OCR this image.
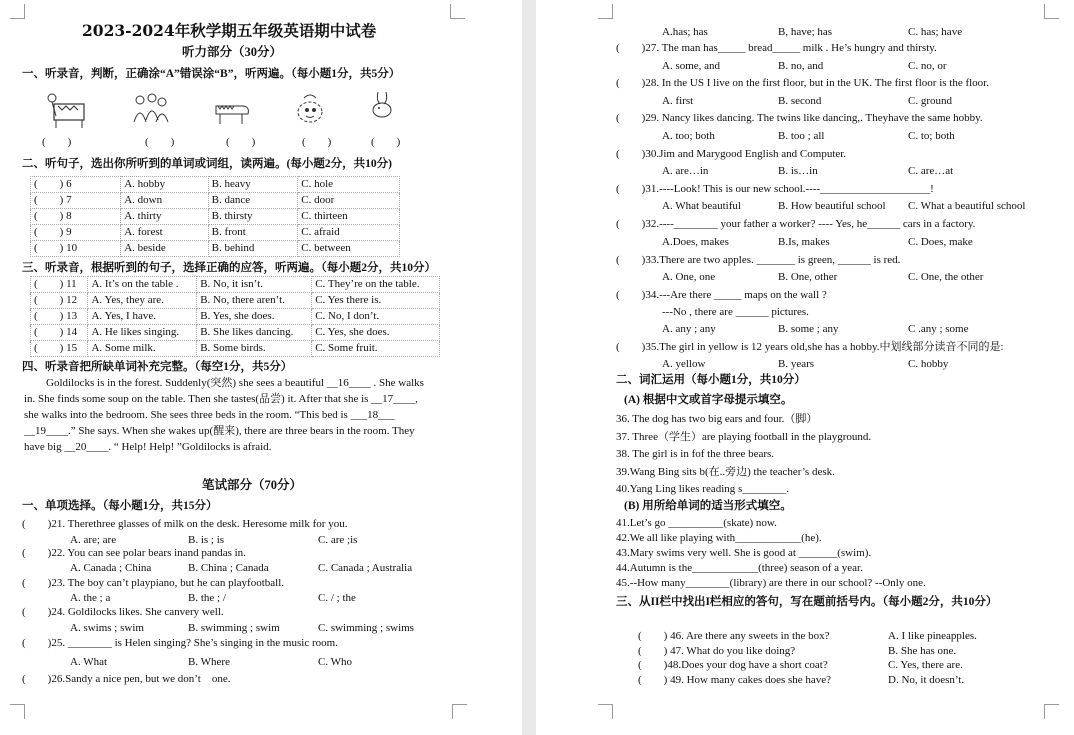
2023-2024年秋学期五年级英语期中试卷
听力部分（30分）
一、听录音，判断，正确涂“A”错误涂“B”，听两遍。（每小题1分，共5分）
(　　)	(　　)	(　　)	(　　)	(　　)
二、听句子，选出你所听到的单词或词组，读两遍。(每小题2分，共10分)
(　　) 6	A. hobby	B. heavy	C. hole
(　　) 7	A. down	B. dance	C. door
(　　) 8	A. thirty	B. thirsty	C. thirteen
(　　) 9	A. forest	B. front	C. afraid
(　　) 10	A. beside	B. behind	C. between
三、听录音，根据听到的句子，选择正确的应答，听两遍。（每小题2分，共10分）
(　　) 11	A. It’s on the table .	B. No, it isn’t.	C. They’re on the table.
(　　) 12	A. Yes, they are.	B. No, there aren’t.	C. Yes there is.
(　　) 13	A. Yes, I have.	B. Yes, she does.	C. No, I don’t.
(　　) 14	A. He likes singing.	B. She likes dancing.	C. Yes, she does.
(　　) 15	A. Some milk.	B. Some birds.	C. Some fruit.
四、听录音把所缺单词补充完整。（每空1分，共5分）
Goldilocks is in the forest. Suddenly(突然) she sees a beautiful __16____ . She walks
in. She finds some soup on the table. Then she tastes(品尝) it. After that she is __17____,
she walks into the bedroom. She sees three beds in the room. “This bed is ___18___
__19____.” She says. When she wakes up(醒来), there are three bears in the room. They
have big __20____. “ Help! Help! ”Goldilocks is afraid.
笔试部分（70分）
一、单项选择。（每小题1分，共15分）
(　　)21. Therethree glasses of milk on the desk. Heresome milk for you.
A. are; are	B. is ; is	C. are ;is
(　　)22. You can see polar bears inand pandas in.
A. Canada ; China	B. China ; Canada	C. Canada ; Australia
(　　)23. The boy can’t playpiano, but he can playfootball.
A. the ; a	B. the ; /	C. / ; the
(　　)24. Goldilocks likes. She canvery well.
A. swims ; swim	B. swimming ; swim	C. swimming ; swims
(　　)25. ________ is Helen singing? She’s singing in the music room.
A. What	B. Where	C. Who
(　　)26.Sandy a nice pen, but we don’t　one.
A.has; has	B, have; has	C. has; have
(　　)27. The man has_____ bread_____ milk . He’s hungry and thirsty.
A. some, and	B. no, and	C. no, or
(　　)28. In the US I live on the first floor, but in the UK. The first floor is the floor.
A. first	B. second	C. ground
(　　)29. Nancy likes dancing. The twins like dancing,. Theyhave the same hobby.
A. too; both	B. too ; all	C. to; both
(　　)30.Jim and Marygood English and Computer.
A. are…in	B. is…in	C. are…at
(　　)31.----Look! This is our new school.----____________________!
A. What beautiful	B. How beautiful school C. What a beautiful school
(　　)32.----________ your father a worker? ---- Yes, he______ cars in a factory.
A.Does, makes	B.Is, makes	C. Does, make
(　　)33.There are two apples. _______ is green, ______ is red.
A. One, one	B. One, other	C. One, the other
(　　)34.---Are there _____ maps on the wall ?
---No , there are ______ pictures.
A. any ; any	B. some ; any	C .any ; some
(　　)35.The girl in yellow is 12 years old,she has a hobby.中划线部分读音不同的是:
A. yellow	B. years	C. hobby
二、词汇运用（每小题1分，共10分）
(A) 根据中文或首字母提示填空。
36. The dog has two big ears and four.（脚）
37. Three（学生）are playing football in the playground.
38. The girl is in fof the three bears.
39.Wang Bing sits b(在..旁边) the teacher’s desk.
40.Yang Ling likes reading s________.
(B) 用所给单词的适当形式填空。
41.Let’s go __________(skate) now.
42.We all like playing with____________(he).
43.Mary swims very well. She is good at _______(swim).
44.Autumn is the____________(three) season of a year.
45.--How many________(library) are there in our school? --Only one.
三、从II栏中找出I栏相应的答句，写在题前括号内。（每小题2分，共10分）
(　　) 46. Are there any sweets in the box?	A. I like pineapples.
(　　) 47. What do you like doing?	B. She has one.
(　　)48.Does your dog have a short coat?	C. Yes, there are.
(　　) 49. How many cakes does she have?	D. No, it doesn’t.
